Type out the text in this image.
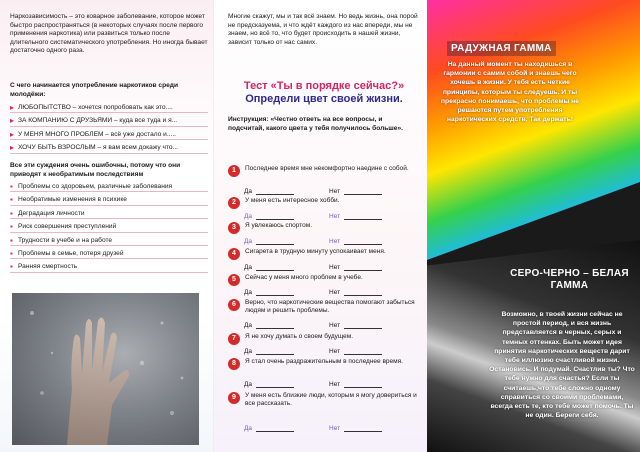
Наркозависимость – это коварное заболевание, которое может быстро распространяться (в некоторых случаях после первого применения наркотика) или развиться только после длительного систематического употребления. Но иногда бывает достаточно одного раза.

С чего начинается употребление наркотиков среди молодёжи:

▸ ЛЮБОПЫТСТВО – хочется попробовать как это....
▸ ЗА КОМПАНИЮ С ДРУЗЬЯМИ – куда все туда и я...
▸ У МЕНЯ МНОГО ПРОБЛЕМ – всё уже достало и.....
▸ ХОЧУ БЫТЬ ВЗРОСЛЫМ – я вам всем докажу что...

Все эти суждения очень ошибочны, потому что они приводят к необратимым последствиям

▪ Проблемы со здоровьем, различные заболевания
▪ Необратимые изменения в психике
▪ Деградация личности
▪ Риск совершения преступлений
▪ Трудности в учебе и на работе
▪ Проблемы в семье, потеря друзей
▪ Ранняя смертность

Многие скажут, мы и так всё знаем. Но ведь жизнь, она порой не предсказуема, и что ждёт каждого из нас впереди, мы не знаем, но всё то, что будет происходить в нашей жизни, зависит только от нас самих.

Тест «Ты в порядке сейчас?»
Определи цвет своей жизни.

Инструкция: «Честно ответь на все вопросы, и подсчитай, какого цвета у тебя получилось больше».

1	Последнее время мне некомфортно наедине с собой.

Да	Нет
2	У меня есть интересное хобби.

Да	Нет
3	Я увлекаюсь спортом.

Да	Нет
4	Сигарета в трудную минуту успокаивает меня.

Да	Нет
5	Сейчас у меня много проблем в учебе.

Да	Нет
6	Верно, что наркотические вещества помогают забыться людям и решить проблемы.

Да	Нет
7	Я не хочу думать о своем будущем.

Да	Нет
8	Я стал очень раздражительным в последнее время.

Да	Нет
9	У меня есть близкие люди, которым я могу довериться и все рассказать.

Да	Нет
РАДУЖНАЯ ГАММА

На данный момент ты находишься в гармонии с самим собой и знаешь чего хочешь в жизни. У тебя есть четкие принципы, которым ты следуешь. И ты прекрасно понимаешь, что проблемы не решаются путем употребления наркотических средств. Так держать!

СЕРО-ЧЕРНО – БЕЛАЯ
ГАММА

Возможно, в твоей жизни сейчас не простой период, и вся жизнь представляется в черных, серых и темных оттенках. Быть может идея принятия наркотических веществ дарит тебе иллюзию счастливой жизни. Остановись. И подумай. Счастлив ты? Что тебе нужно для счастья? Если ты считаешь,что тебе сложно одному справиться со своими проблемами, всегда есть те, кто тебе может помочь. Ты не один. Береги себя.
